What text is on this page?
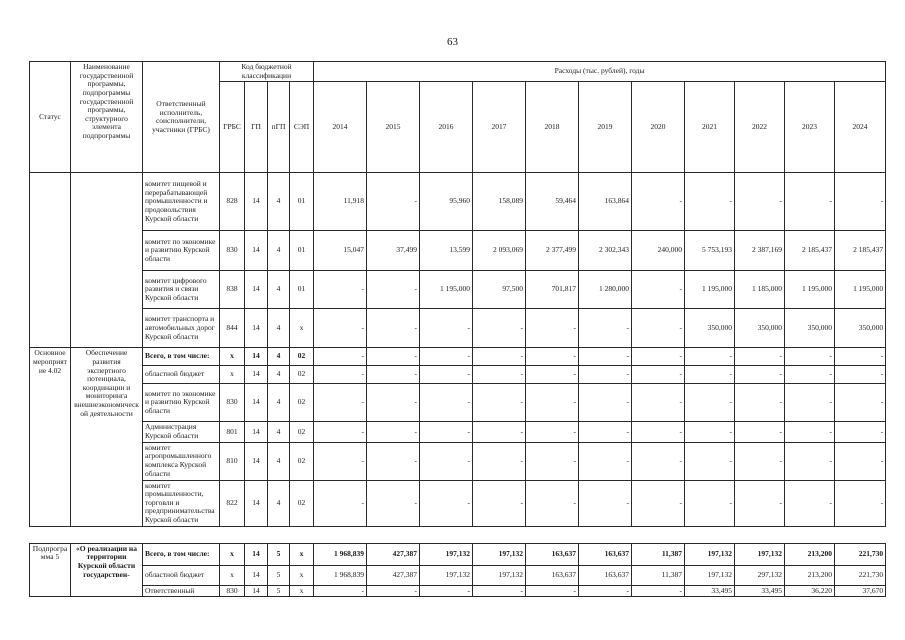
63
Статус	Наименование государственной программы, подпрограммы государственной программы, структурного элемента подпрограммы	Ответственный исполнитель, соисполнители, участники (ГРБС)	Код бюджетной классификации				Расходы (тыс. рублей), годы										
			ГРБС	ГП	пГП	СЭП	2014	2015	2016	2017	2018	2019	2020	2021	2022	2023	2024
		комитет пищевой и перерабатывающей промышленности и продовольствия Курской области	828	14	4	01	11,918	-	95,960	158,089	59,464	163,864	-	-	-	-	-
		комитет по экономике и развитию Курской области	830	14	4	01	15,047	37,499	13,599	2 093,069	2 377,499	2 302,343	240,000	5 753,193	2 387,169	2 185,437	2 185,437
		комитет цифрового развития и связи Курской области	838	14	4	01	-	-	1 195,000	97,500	701,817	1 280,000	-	1 195,000	1 185,000	1 195,000	1 195,000
		комитет транспорта и автомобильных дорог Курской области	844	14	4	х	-	-	-	-	-	-	-	350,000	350,000	350,000	350,000
Основное мероприятие 4.02	Обеспечение развития экспертного потенциала, координации и мониторинга внешнеэкономической деятельности	Всего, в том числе:	х	14	4	02	-	-	-	-	-	-	-	-	-	-	-
		областной бюджет	х	14	4	02	-	-	-	-	-	-	-	-	-	-	-
		комитет по экономике и развитию Курской области	830	14	4	02	-	-	-	-	-	-	-	-	-	-	-
		Администрация Курской области	801	14	4	02	-	-	-	-	-	-	-	-	-	-	-
		комитет агропромышленного комплекса Курской области	810	14	4	02	-	-	-	-	-	-	-	-	-	-	-
		комитет промышленности, торговли и предпринимательства Курской области	822	14	4	02	-	-	-	-	-	-	-	-	-	-	-

Подпрограмма 5	«О реализации на территории Курской области государствен-	Всего, в том числе:	х	14	5	х	1 968,839	427,387	197,132	197,132	163,637	163,637	11,387	197,132	197,132	213,200	221,730
		областной бюджет	х	14	5	х	1 968,839	427,387	197,132	197,132	163,637	163,637	11,387	197,132	297,132	213,200	221,730
		Ответственный	830	14	5	х	-	-	-	-	-	-	-	33,495	33,495	36,220	37,670
